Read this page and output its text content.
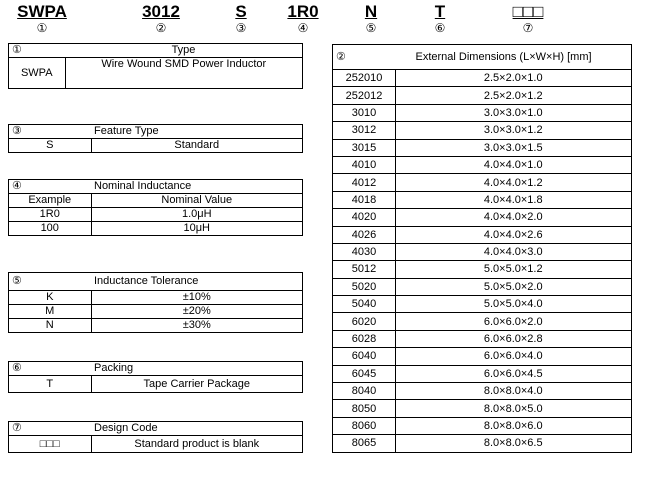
SWPA	3012	S	1R0	N	T	□□□
①	②	③	④	⑤	⑥	⑦
①	Type
SWPA	Wire Wound SMD Power Inductor
③	Feature Type
S	Standard
④	Nominal Inductance
Example	Nominal Value
1R0	1.0μH
100	10μH
⑤	Inductance Tolerance
K	±10%
M	±20%
N	±30%
⑥	Packing
T	Tape Carrier Package
⑦	Design Code
□□□	Standard product is blank
②	External Dimensions (L×W×H) [mm]
252010	2.5×2.0×1.0
252012	2.5×2.0×1.2
3010	3.0×3.0×1.0
3012	3.0×3.0×1.2
3015	3.0×3.0×1.5
4010	4.0×4.0×1.0
4012	4.0×4.0×1.2
4018	4.0×4.0×1.8
4020	4.0×4.0×2.0
4026	4.0×4.0×2.6
4030	4.0×4.0×3.0
5012	5.0×5.0×1.2
5020	5.0×5.0×2.0
5040	5.0×5.0×4.0
6020	6.0×6.0×2.0
6028	6.0×6.0×2.8
6040	6.0×6.0×4.0
6045	6.0×6.0×4.5
8040	8.0×8.0×4.0
8050	8.0×8.0×5.0
8060	8.0×8.0×6.0
8065	8.0×8.0×6.5
